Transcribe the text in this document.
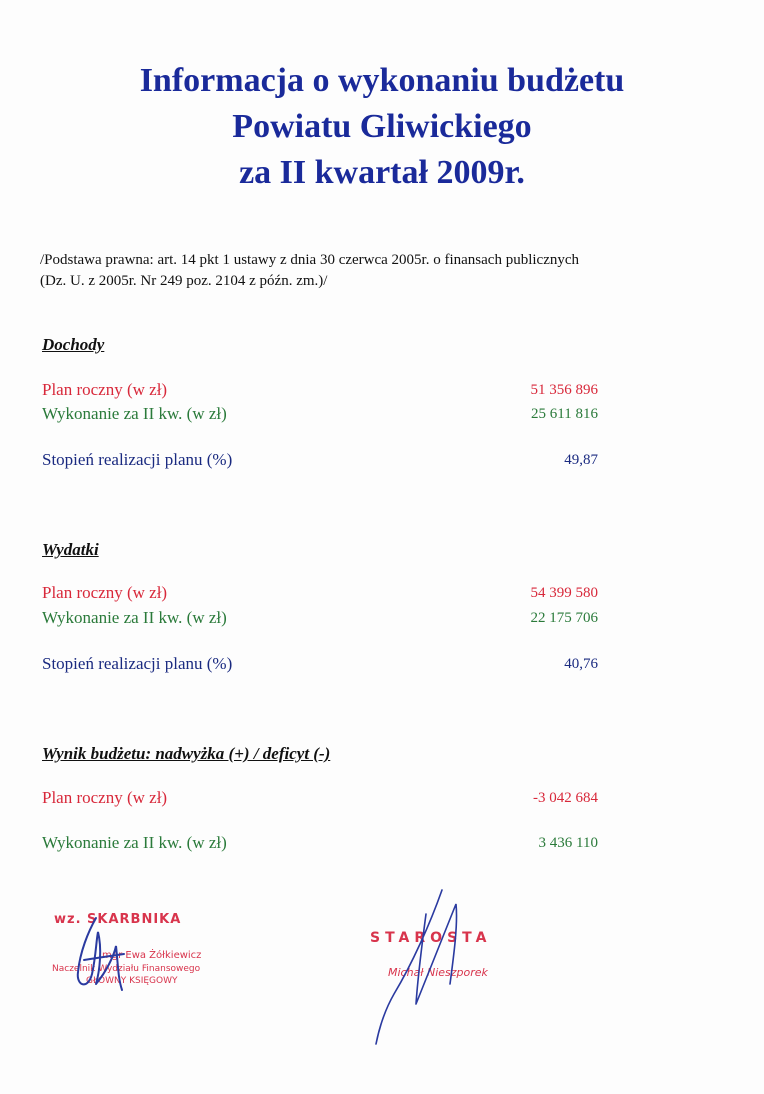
Informacja o wykonaniu budżetu
Powiatu Gliwickiego
za II kwartał 2009r.
/Podstawa prawna: art. 14 pkt 1 ustawy z dnia 30 czerwca 2005r. o finansach publicznych
(Dz. U. z 2005r. Nr 249 poz. 2104 z późn. zm.)/
Dochody
Plan roczny (w zł)	51 356 896
Wykonanie za II kw. (w zł)	25 611 816
Stopień realizacji planu (%)	49,87
Wydatki
Plan roczny (w zł)	54 399 580
Wykonanie za II kw. (w zł)	22 175 706
Stopień realizacji planu (%)	40,76
Wynik budżetu: nadwyżka (+) / deficyt (-)
Plan roczny (w zł)	-3 042 684
Wykonanie za II kw. (w zł)	3 436 110
wz. SKARBNIKA
mgr Ewa Żółkiewicz
Naczelnik Wydziału Finansowego
GŁÓWNY KSIĘGOWY
STAROSTA
Michał Nieszporek
